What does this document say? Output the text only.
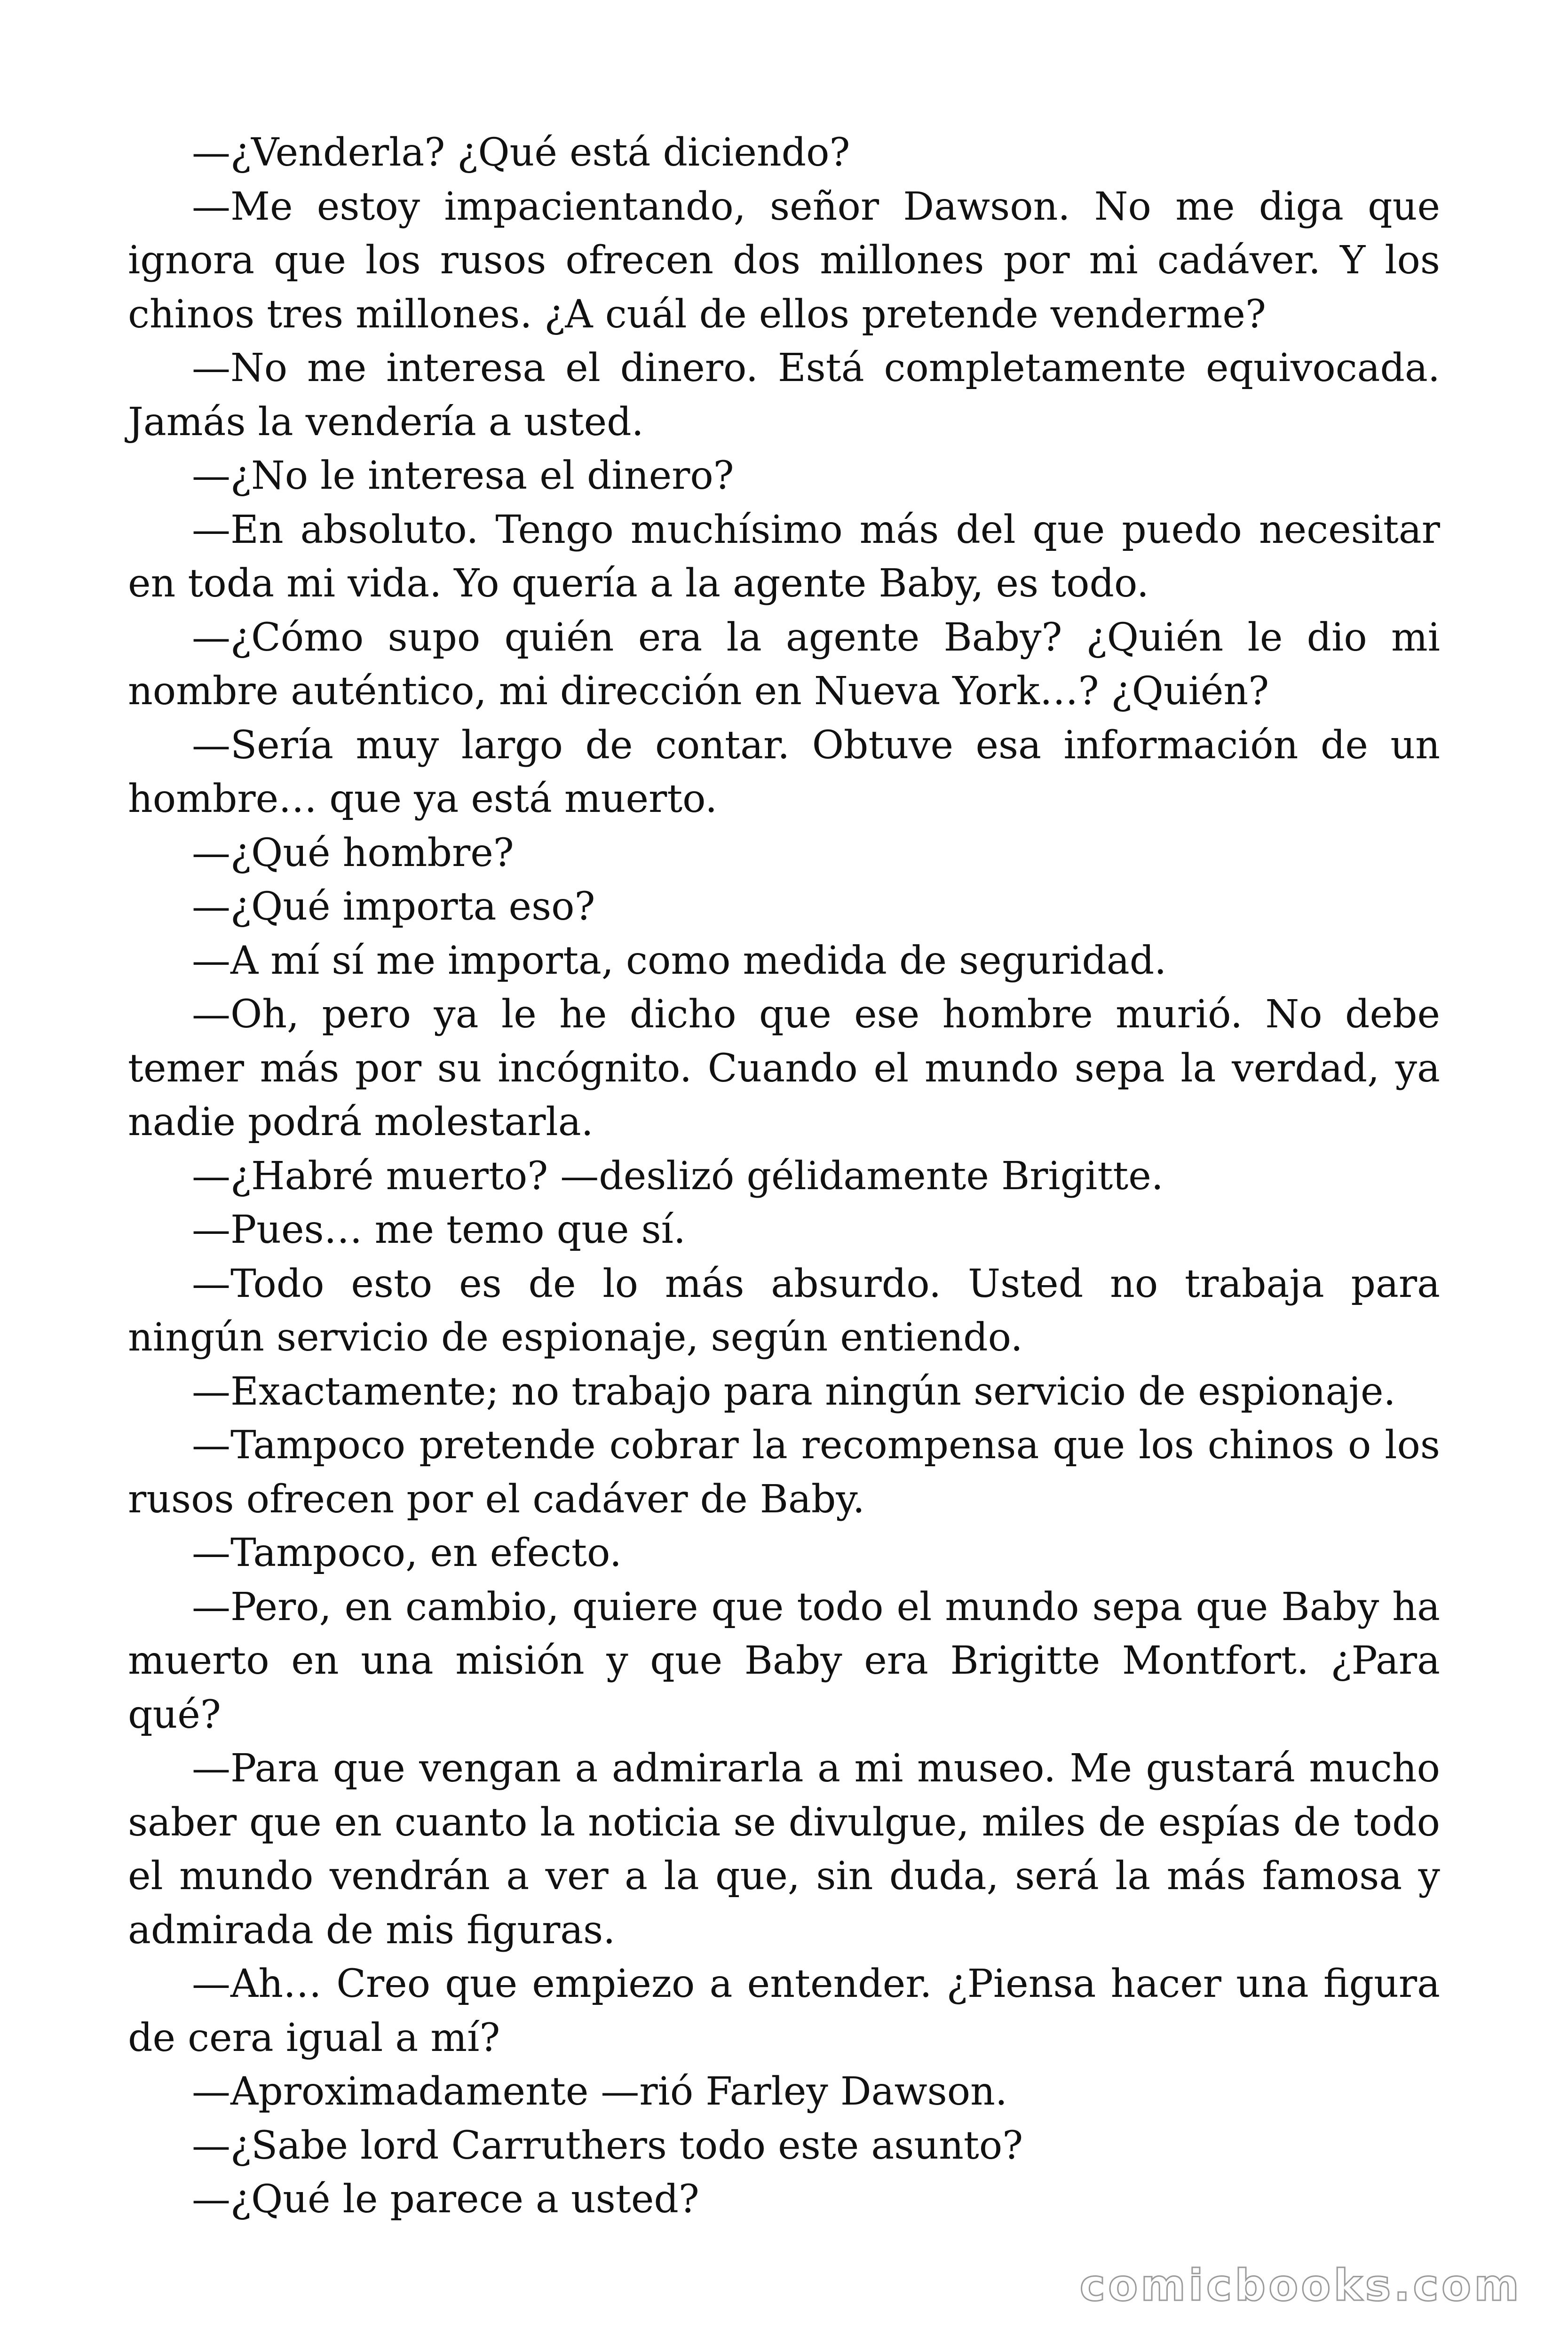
—¿Venderla? ¿Qué está diciendo?

—Me estoy impacientando, señor Dawson. No me diga que ignora que los rusos ofrecen dos millones por mi cadáver. Y los chinos tres millones. ¿A cuál de ellos pretende venderme?

—No me interesa el dinero. Está completamente equivocada. Jamás la vendería a usted.

—¿No le interesa el dinero?

—En absoluto. Tengo muchísimo más del que puedo necesitar en toda mi vida. Yo quería a la agente Baby, es todo.

—¿Cómo supo quién era la agente Baby? ¿Quién le dio mi nombre auténtico, mi dirección en Nueva York…? ¿Quién?

—Sería muy largo de contar. Obtuve esa información de un hombre… que ya está muerto.

—¿Qué hombre?

—¿Qué importa eso?

—A mí sí me importa, como medida de seguridad.

—Oh, pero ya le he dicho que ese hombre murió. No debe temer más por su incógnito. Cuando el mundo sepa la verdad, ya nadie podrá molestarla.

—¿Habré muerto? —deslizó gélidamente Brigitte.

—Pues… me temo que sí.

—Todo esto es de lo más absurdo. Usted no trabaja para ningún servicio de espionaje, según entiendo.

—Exactamente; no trabajo para ningún servicio de espionaje.

—Tampoco pretende cobrar la recompensa que los chinos o los rusos ofrecen por el cadáver de Baby.

—Tampoco, en efecto.

—Pero, en cambio, quiere que todo el mundo sepa que Baby ha muerto en una misión y que Baby era Brigitte Montfort. ¿Para qué?

—Para que vengan a admirarla a mi museo. Me gustará mucho saber que en cuanto la noticia se divulgue, miles de espías de todo el mundo vendrán a ver a la que, sin duda, será la más famosa y admirada de mis figuras.

—Ah… Creo que empiezo a entender. ¿Piensa hacer una figura de cera igual a mí?

—Aproximadamente —rió Farley Dawson.

—¿Sabe lord Carruthers todo este asunto?

—¿Qué le parece a usted?

comicbooks.com
